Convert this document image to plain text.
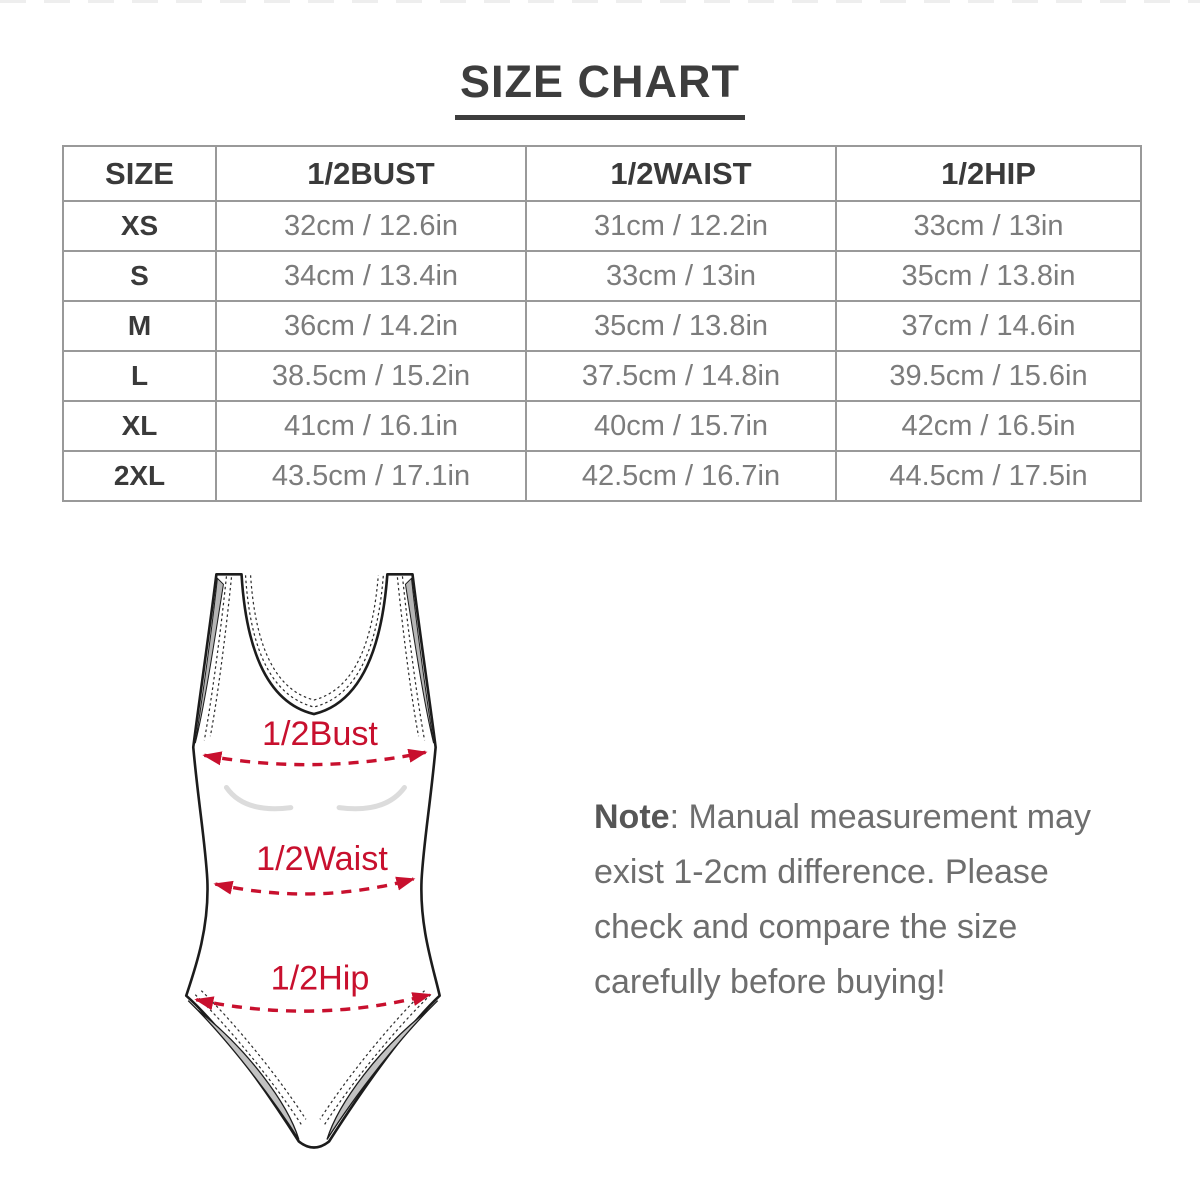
SIZE CHART
SIZE	1/2BUST	1/2WAIST	1/2HIP
XS	32cm / 12.6in	31cm / 12.2in	33cm / 13in
S	34cm / 13.4in	33cm / 13in	35cm / 13.8in
M	36cm / 14.2in	35cm / 13.8in	37cm / 14.6in
L	38.5cm / 15.2in	37.5cm / 14.8in	39.5cm / 15.6in
XL	41cm / 16.1in	40cm / 15.7in	42cm / 16.5in
2XL	43.5cm / 17.1in	42.5cm / 16.7in	44.5cm / 17.5in
1/2Bust
1/2Waist
1/2Hip

Note: Manual measurement may exist 1-2cm difference. Please check and compare the size carefully before buying!
